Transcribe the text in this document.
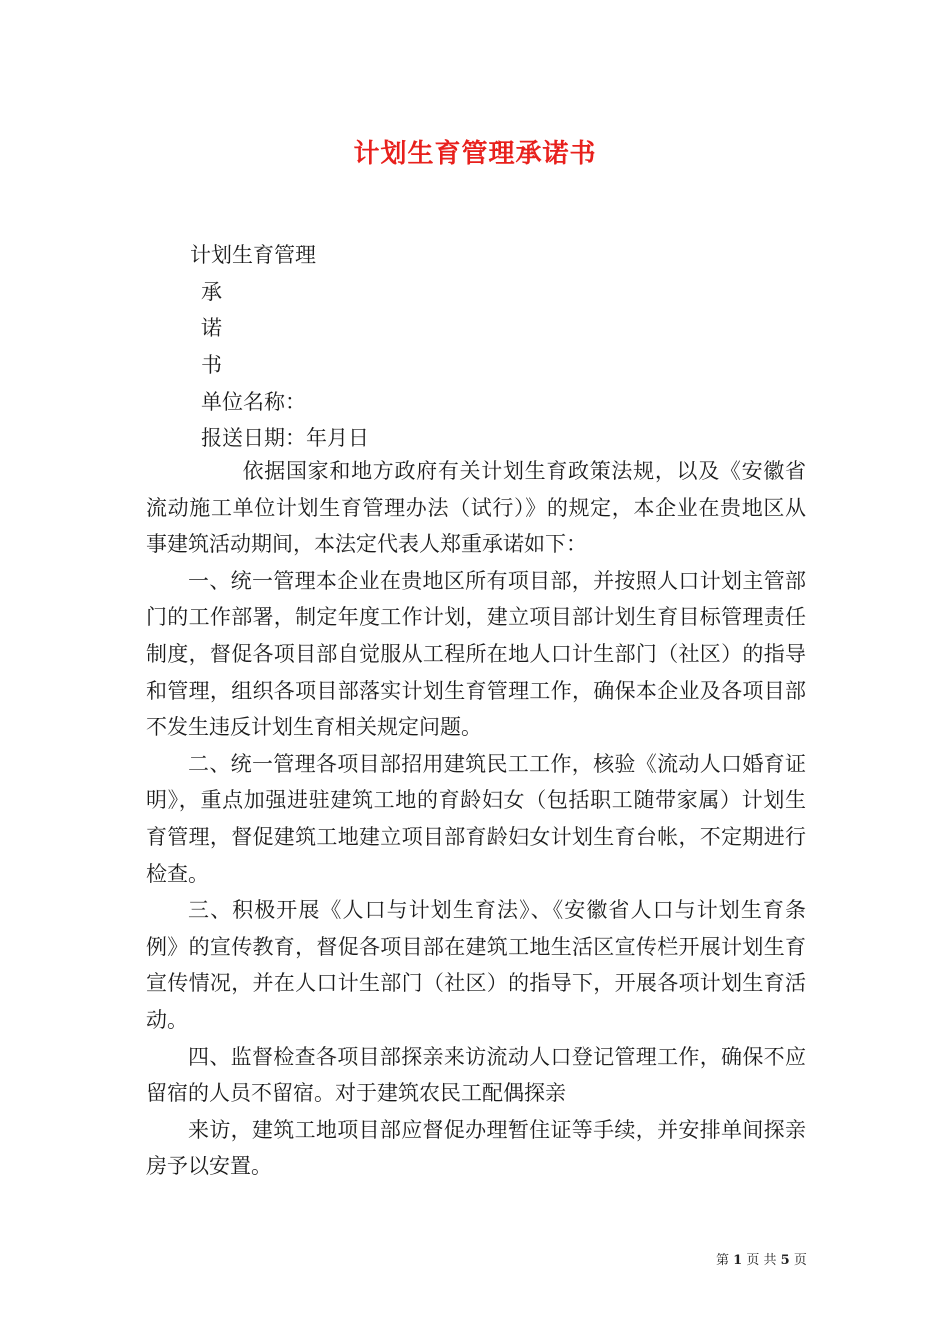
计划生育管理承诺书
计划生育管理
承
诺
书
单位名称：
报送日期：年月日

依据国家和地方政府有关计划生育政策法规，以及《安徽省流动施工单位计划生育管理办法（试行）》的规定，本企业在贵地区从事建筑活动期间，本法定代表人郑重承诺如下：

一、统一管理本企业在贵地区所有项目部，并按照人口计划主管部门的工作部署，制定年度工作计划，建立项目部计划生育目标管理责任制度，督促各项目部自觉服从工程所在地人口计生部门（社区）的指导和管理，组织各项目部落实计划生育管理工作，确保本企业及各项目部不发生违反计划生育相关规定问题。

二、统一管理各项目部招用建筑民工工作，核验《流动人口婚育证明》，重点加强进驻建筑工地的育龄妇女（包括职工随带家属）计划生育管理，督促建筑工地建立项目部育龄妇女计划生育台帐，不定期进行检查。

三、积极开展《人口与计划生育法》、《安徽省人口与计划生育条例》的宣传教育，督促各项目部在建筑工地生活区宣传栏开展计划生育宣传情况，并在人口计生部门（社区）的指导下，开展各项计划生育活动。

四、监督检查各项目部探亲来访流动人口登记管理工作，确保不应留宿的人员不留宿。对于建筑农民工配偶探亲

来访，建筑工地项目部应督促办理暂住证等手续，并安排单间探亲房予以安置。

第 1 页 共 5 页
